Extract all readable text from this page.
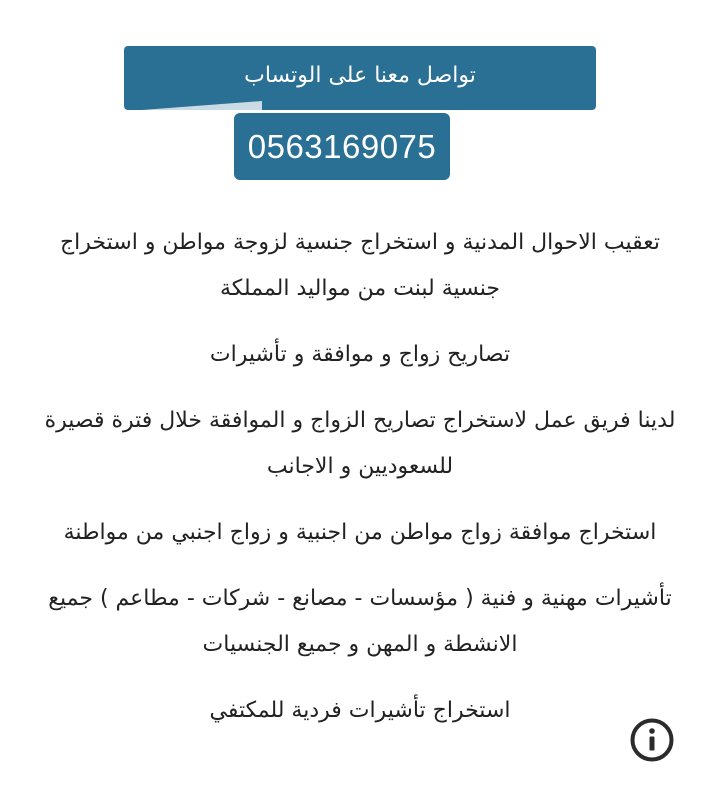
تواصل معنا على الوتساب
0563169075

تعقيب الاحوال المدنية و استخراج جنسية لزوجة مواطن و استخراج جنسية لبنت من مواليد المملكة

تصاريح زواج و موافقة و تأشيرات

لدينا فريق عمل لاستخراج تصاريح الزواج و الموافقة خلال فترة قصيرة للسعوديين و الاجانب

استخراج موافقة زواج مواطن من اجنبية و زواج اجنبي من مواطنة

تأشيرات مهنية و فنية ( مؤسسات - مصانع - شركات - مطاعم ) جميع الانشطة و المهن و جميع الجنسيات

استخراج تأشيرات فردية للمكتفي
